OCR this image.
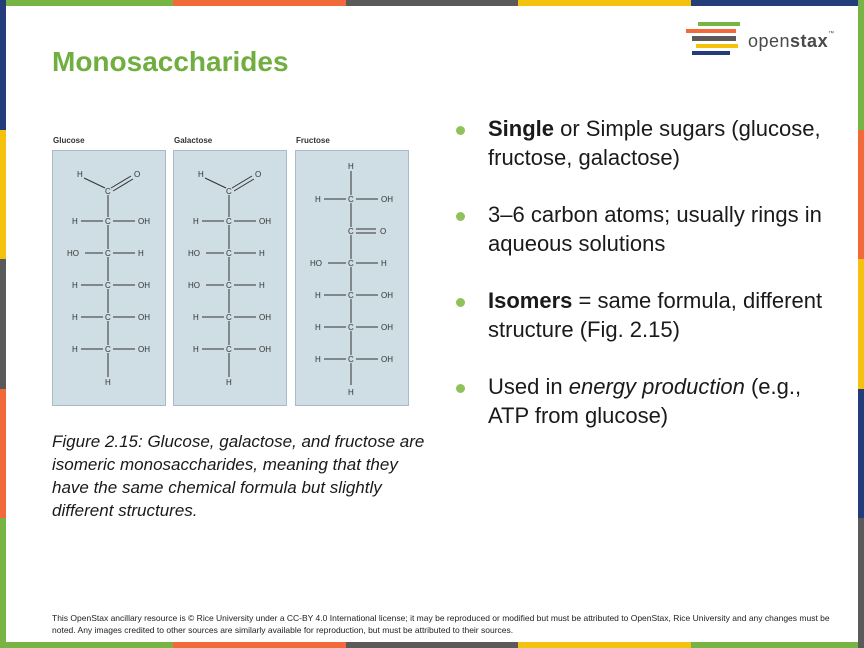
Monosaccharides
openstax™
Glucose	Galactose	Fructose
H	O
C
H	C	OH
HO	C	H
H	C	OH
H	C	OH
H	C	OH
H
H	O
C
H	C	OH
HO	C	H
HO	C	H
H	C	OH
H	C	OH
H
H
H	C	OH
C	O
HO	C	H
H	C	OH
H	C	OH
H	C	OH
H
Figure 2.15: Glucose, galactose, and fructose are isomeric monosaccharides, meaning that they have the same chemical formula but slightly different structures.
Single or Simple sugars (glucose, fructose, galactose)
3–6 carbon atoms; usually rings in aqueous solutions
Isomers = same formula, different structure (Fig. 2.15)
Used in energy production (e.g., ATP from glucose)
This OpenStax ancillary resource is © Rice University under a CC-BY 4.0 International license; it may be reproduced or modified but must be attributed to OpenStax, Rice University and any changes must be noted. Any images credited to other sources are similarly available for reproduction, but must be attributed to their sources.
